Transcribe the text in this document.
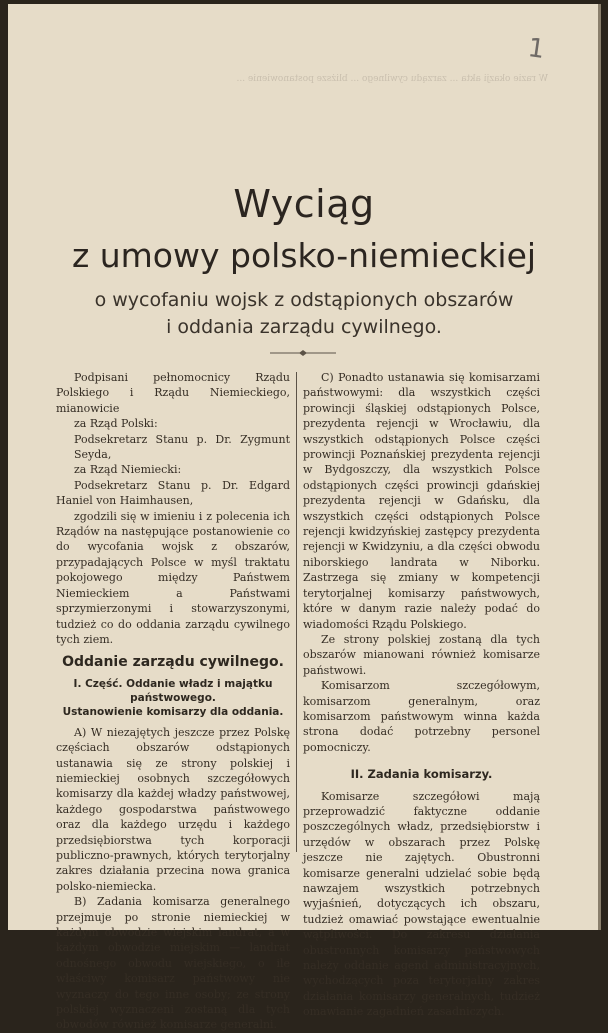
1
W razie okazji akta ... zarządu cywilnego ... bliższe postanowienie ...
Wyciąg
z umowy polsko-niemieckiej
o wycofaniu wojsk z odstąpionych obszarów
i oddania zarządu cywilnego.

Podpisani pełnomocnicy Rządu Polskiego i Rządu Niemieckiego, mianowicie

za Rząd Polski:

Podsekretarz Stanu p. Dr. Zygmunt Seyda,

za Rząd Niemiecki:

Podsekretarz Stanu p. Dr. Edgard Haniel von Haimhausen,

zgodzili się w imieniu i z polecenia ich Rządów na następujące postanowienie co do wycofania wojsk z obszarów, przypadających Polsce w myśl traktatu pokojowego między Państwem Niemieckiem a Państwami sprzymierzonymi i stowarzyszonymi, tudzież co do oddania zarządu cywilnego tych ziem.

Oddanie zarządu cywilnego.
I. Część. Oddanie władz i majątku państwowego.
Ustanowienie komisarzy dla oddania.

A) W niezajętych jeszcze przez Polskę częściach obszarów odstąpionych ustanawia się ze strony polskiej i niemieckiej osobnych szczegółowych komisarzy dla każdej władzy państwowej, każdego gospodarstwa państwowego oraz dla każdego urzędu i każdego przedsiębiorstwa tych korporacji publiczno-prawnych, których terytorjalny zakres działania przecina nowa granica polsko-niemiecka.

B) Zadania komisarza generalnego przejmuje po stronie niemieckiej w każdym obwodzie wiejskim landrat, a w każdym obwodzie miejskim — landrat odnośnego obwodu wiejskiego, o ile właściwy komisarz państwowy nie wyznaczy do tego inne osoby; ze strony polskiej wyznaczeni zostaną dla tych obwodów również komisarze generalni.

C) Ponadto ustanawia się komisarzami państwowymi: dla wszystkich części prowincji śląskiej odstąpionych Polsce, prezydenta rejencji w Wrocławiu, dla wszystkich odstąpionych Polsce części prowincji Poznańskiej prezydenta rejencji w Bydgoszczy, dla wszystkich Polsce odstąpionych części prowincji gdańskiej prezydenta rejencji w Gdańsku, dla wszystkich części odstąpionych Polsce rejencji kwidzyńskiej zastępcy prezydenta rejencji w Kwidzyniu, a dla części obwodu niborskiego landrata w Niborku. Zastrzega się zmiany w kompetencji terytorjalnej komisarzy państwowych, które w danym razie należy podać do wiadomości Rządu Polskiego.

Ze strony polskiej zostaną dla tych obszarów mianowani również komisarze państwowi.

Komisarzom szczegółowym, komisarzom generalnym, oraz komisarzom państwowym winna każda strona dodać potrzebny personel pomocniczy.

II. Zadania komisarzy.

Komisarze szczegółowi mają przeprowadzić faktyczne oddanie poszczególnych władz, przedsiębiorstw i urzędów w obszarach przez Polskę jeszcze nie zajętych. Obustronni komisarze generalni udzielać sobie będą nawzajem wszystkich potrzebnych wyjaśnień, dotyczących ich obszaru, tudzież omawiać powstające ewentualnie wątpliwości. Do zakresu działania obustronnych komisarzy państwowych należy oddanie agend administracyjnych, wychodzących poza terytorjalny zakres działania komisarzy generalnych, tudzież omawianie zagadnień zasadniczych.
